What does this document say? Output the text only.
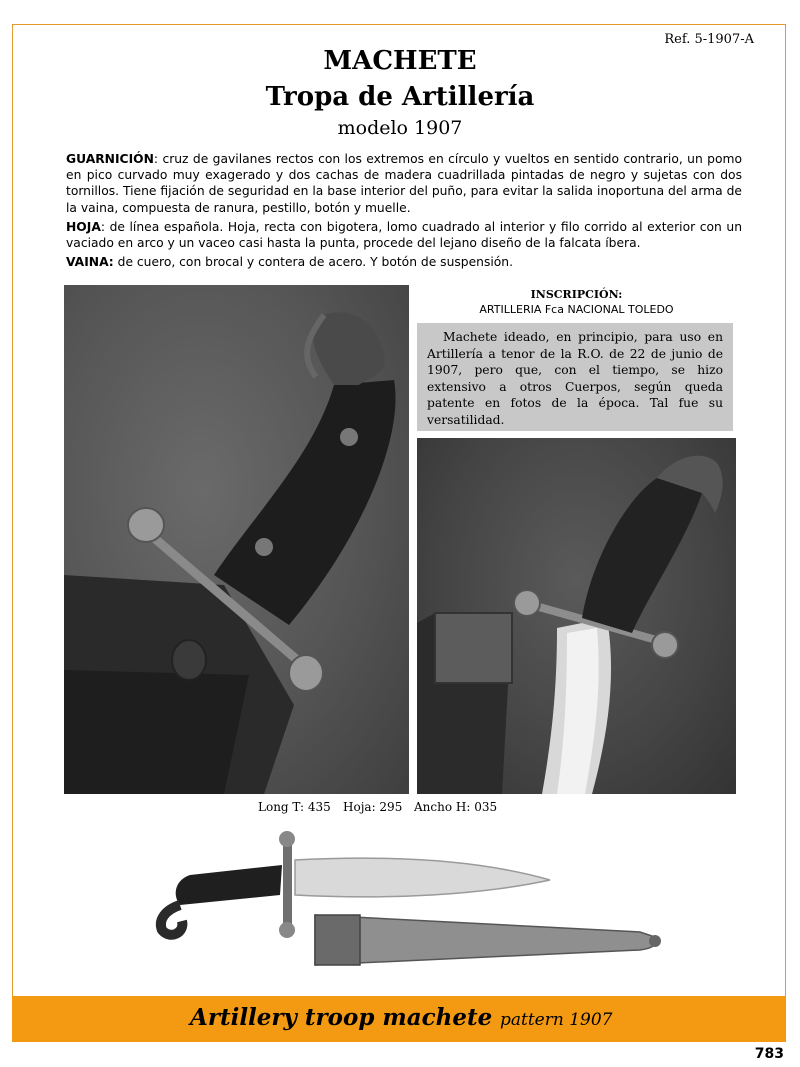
Ref. 5-1907-A
MACHETE
Tropa de Artillería
modelo 1907

GUARNICIÓN: cruz de gavilanes rectos con los extremos en círculo y vueltos en sentido contrario, un pomo en pico curvado muy exagerado y dos cachas de madera cuadrillada pintadas de negro y sujetas con dos tornillos. Tiene fijación de seguridad en la base interior del puño, para evitar la salida inoportuna del arma de la vaina, compuesta de ranura, pestillo, botón y muelle.

HOJA: de línea española. Hoja, recta con bigotera, lomo cuadrado al interior y filo corrido al exterior con un vaciado en arco y un vaceo casi hasta la punta, procede del lejano diseño de la falcata íbera.

VAINA: de cuero, con brocal y contera de acero. Y botón de suspensión.

INSCRIPCIÓN:
ARTILLERIA Fca NACIONAL TOLEDO
Machete ideado, en principio, para uso en Artillería a tenor de la R.O. de 22 de junio de 1907, pero que, con el tiempo, se hizo extensivo a otros Cuerpos, según queda patente en fotos de la época. Tal fue su versatilidad.
Long T: 435 Hoja: 295 Ancho H: 035
Artillery troop machete pattern 1907
783
